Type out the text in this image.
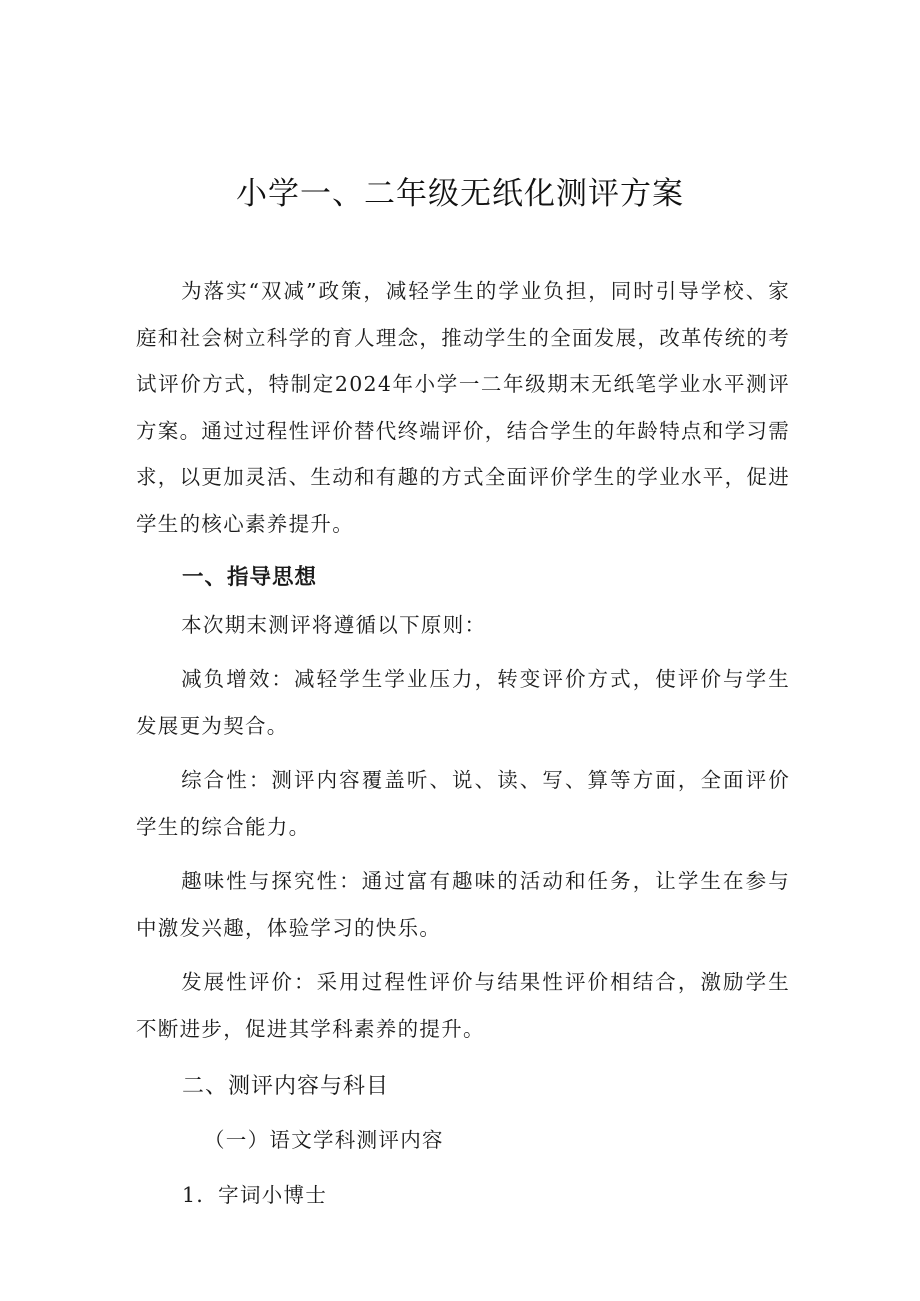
小学一、二年级无纸化测评方案

为落实“双减”政策，减轻学生的学业负担，同时引导学校、家庭和社会树立科学的育人理念，推动学生的全面发展，改革传统的考试评价方式，特制定2024年小学一二年级期末无纸笔学业水平测评方案。通过过程性评价替代终端评价，结合学生的年龄特点和学习需求，以更加灵活、生动和有趣的方式全面评价学生的学业水平，促进学生的核心素养提升。

一、指导思想

本次期末测评将遵循以下原则：

减负增效：减轻学生学业压力，转变评价方式，使评价与学生发展更为契合。

综合性：测评内容覆盖听、说、读、写、算等方面，全面评价学生的综合能力。

趣味性与探究性：通过富有趣味的活动和任务，让学生在参与中激发兴趣，体验学习的快乐。

发展性评价：采用过程性评价与结果性评价相结合，激励学生不断进步，促进其学科素养的提升。

二、测评内容与科目

（一）语文学科测评内容

1．字词小博士
